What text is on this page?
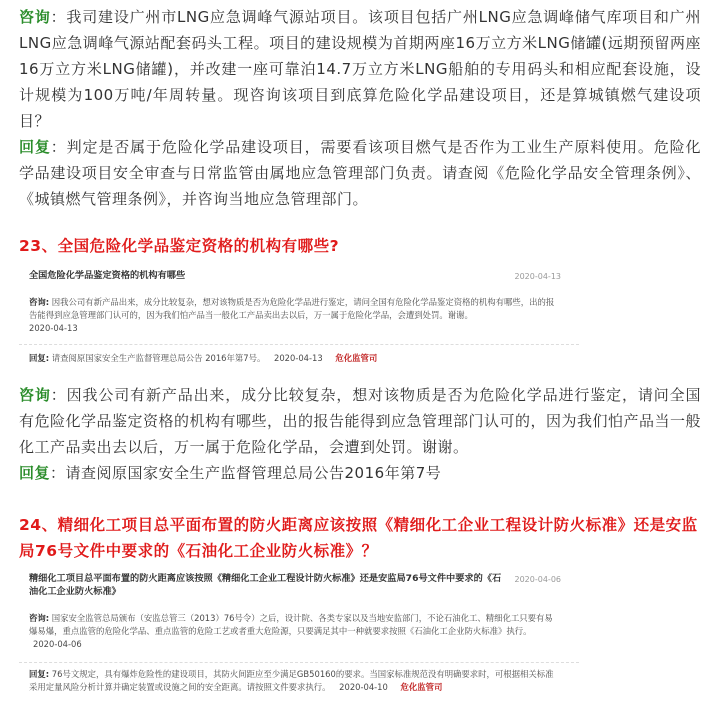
咨询：我司建设广州市LNG应急调峰气源站项目。该项目包括广州LNG应急调峰储气库项目和广州LNG应急调峰气源站配套码头工程。项目的建设规模为首期两座16万立方米LNG储罐(远期预留两座16万立方米LNG储罐)，并改建一座可靠泊14.7万立方米LNG船舶的专用码头和相应配套设施，设计规模为100万吨/年周转量。现咨询该项目到底算危险化学品建设项目，还是算城镇燃气建设项目？

回复：判定是否属于危险化学品建设项目，需要看该项目燃气是否作为工业生产原料使用。危险化学品建设项目安全审查与日常监管由属地应急管理部门负责。请查阅《危险化学品安全管理条例》、《城镇燃气管理条例》，并咨询当地应急管理部门。

23、全国危险化学品鉴定资格的机构有哪些?
全国危险化学品鉴定资格的机构有哪些	2020-04-13

咨询: 因我公司有新产品出来，成分比较复杂，想对该物质是否为危险化学品进行鉴定，请问全国有危险化学品鉴定资格的机构有哪些，出的报告能得到应急管理部门认可的，因为我们怕产品当一般化工产品卖出去以后，万一属于危险化学品，会遭到处罚。谢谢。
2020-04-13

回复: 请查阅原国家安全生产监督管理总局公告 2016年第7号。 2020-04-13 危化监管司

咨询：因我公司有新产品出来，成分比较复杂，想对该物质是否为危险化学品进行鉴定，请问全国有危险化学品鉴定资格的机构有哪些，出的报告能得到应急管理部门认可的，因为我们怕产品当一般化工产品卖出去以后，万一属于危险化学品，会遭到处罚。谢谢。

回复：请查阅原国家安全生产监督管理总局公告2016年第7号

24、精细化工项目总平面布置的防火距离应该按照《精细化工企业工程设计防火标准》还是安监局76号文件中要求的《石油化工企业防火标准》？
精细化工项目总平面布置的防火距离应该按照《精细化工企业工程设计防火标准》还是安监局76号文件中要求的《石油化工企业防火标准》
2020-04-06

咨询: 国家安全监管总局颁布（安监总管三（2013）76号令）之后，设计院、各类专家以及当地安监部门，不论石油化工、精细化工只要有易爆易爆，重点监管的危险化学品、重点监管的危险工艺或者重大危险源，只要满足其中一种就要求按照《石油化工企业防火标准》执行。 2020-04-06

回复: 76号文规定，具有爆炸危险性的建设项目，其防火间距应至少满足GB50160的要求。当国家标准规范没有明确要求时，可根据相关标准采用定量风险分析计算并确定装置或设施之间的安全距离。请按照文件要求执行。 2020-04-10 危化监管司
